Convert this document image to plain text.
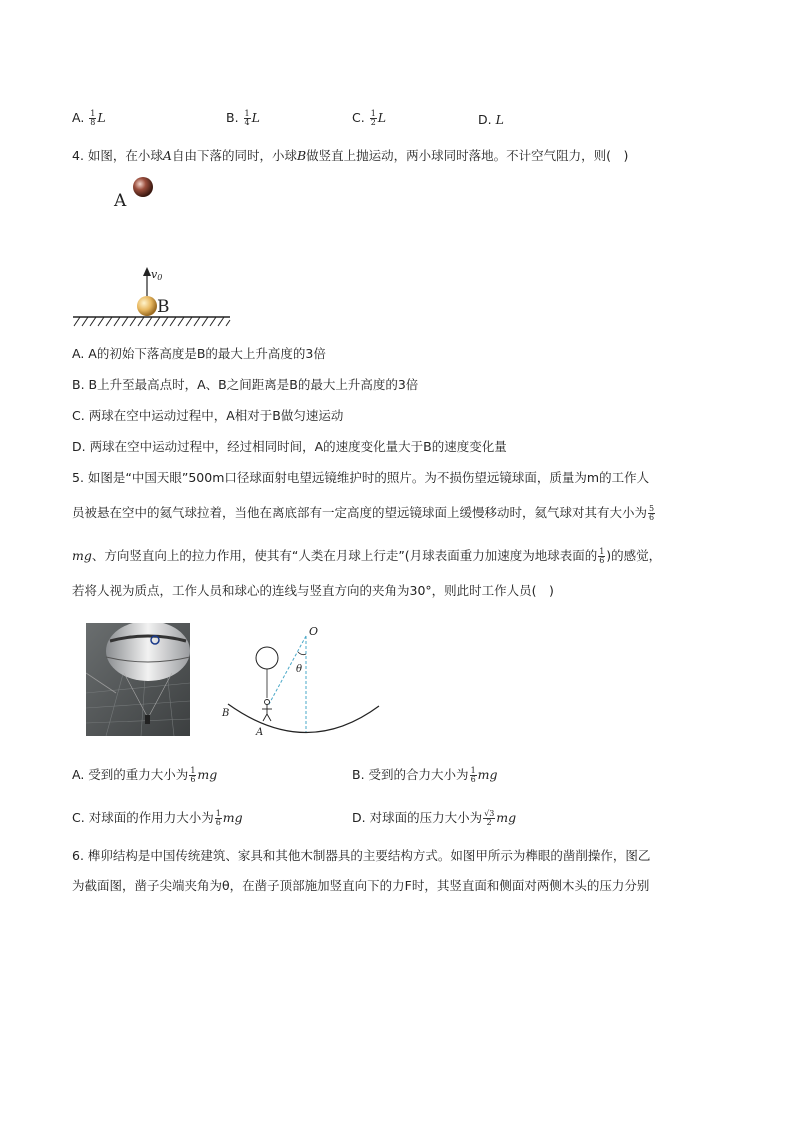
A. $\frac{1}{8}$ L	B. $\frac{1}{4}$ L	C. $\frac{1}{2}$ L	D. L
4. 如图，在小球A自由下落的同时，小球B做竖直上抛运动，两小球同时落地。不计空气阻力，则(　)
A
v0
B
A. A的初始下落高度是B的最大上升高度的3倍
B. B上升至最高点时，A、B之间距离是B的最大上升高度的3倍
C. 两球在空中运动过程中，A相对于B做匀速运动
D. 两球在空中运动过程中，经过相同时间，A的速度变化量大于B的速度变化量
5. 如图是“中国天眼”500m口径球面射电望远镜维护时的照片。为不损伤望远镜球面，质量为m的工作人
员被悬在空中的氦气球拉着，当他在离底部有一定高度的望远镜球面上缓慢移动时，氦气球对其有大小为 $\frac{5}{6}$
mg、方向竖直向上的拉力作用，使其有“人类在月球上行走”(月球表面重力加速度为地球表面的 $\frac{1}{6}$ )的感觉，
若将人视为质点，工作人员和球心的连线与竖直方向的夹角为30°，则此时工作人员(　)
O
θ
B
A
A. 受到的重力大小为 $\frac{1}{6}$ mg	B. 受到的合力大小为 $\frac{1}{6}$ mg
C. 对球面的作用力大小为 $\frac{1}{6}$ mg	D. 对球面的压力大小为 $\frac{√3}{2}$ mg
6. 榫卯结构是中国传统建筑、家具和其他木制器具的主要结构方式。如图甲所示为榫眼的凿削操作，图乙
为截面图，凿子尖端夹角为θ，在凿子顶部施加竖直向下的力F时，其竖直面和侧面对两侧木头的压力分别
